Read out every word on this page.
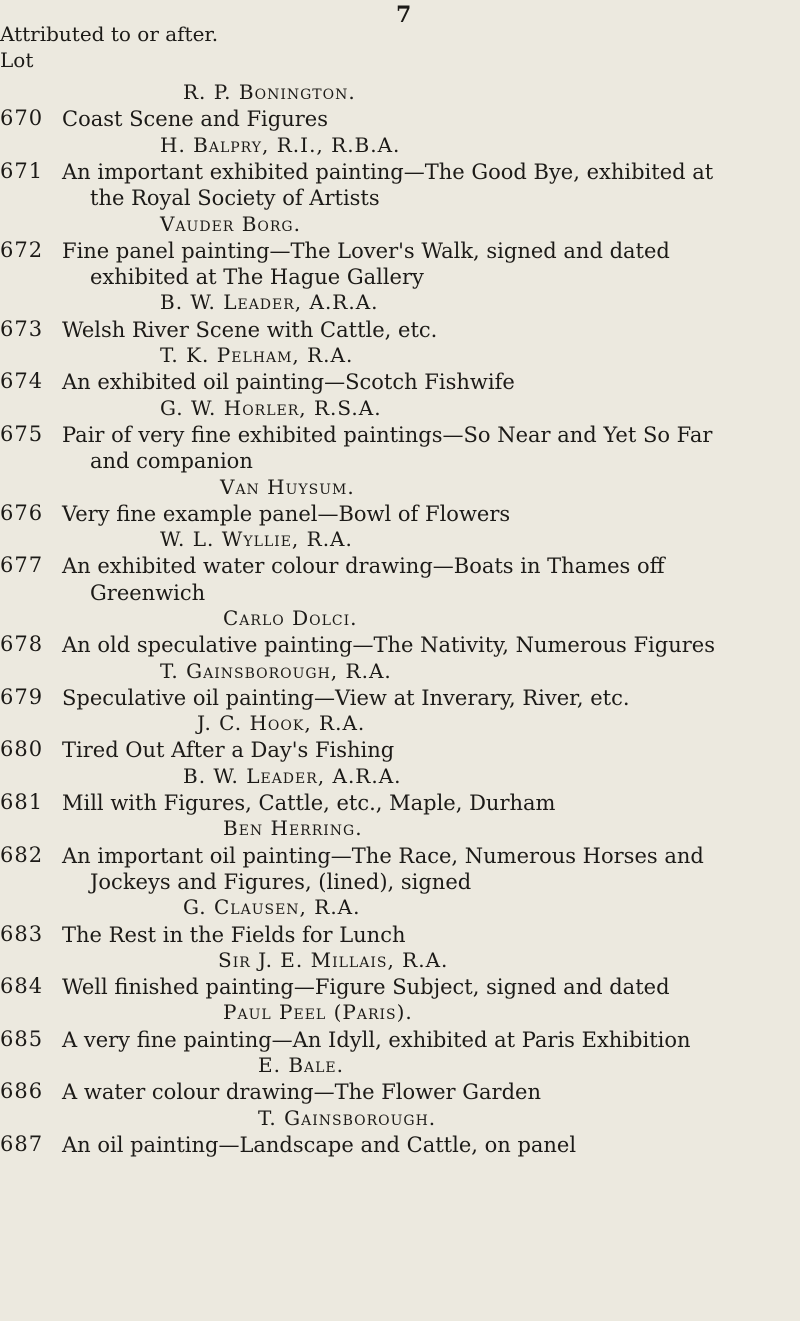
7
Attributed to or after.
Lot
R. P. Bonington.
670 Coast Scene and Figures
H. Balpry, R.I., R.B.A.
671 An important exhibited painting—The Good Bye, exhibited at
the Royal Society of Artists
Vauder Borg.
672 Fine panel painting—The Lover's Walk, signed and dated
exhibited at The Hague Gallery
B. W. Leader, A.R.A.
673 Welsh River Scene with Cattle, etc.
T. K. Pelham, R.A.
674 An exhibited oil painting—Scotch Fishwife
G. W. Horler, R.S.A.
675 Pair of very fine exhibited paintings—So Near and Yet So Far
and companion
Van Huysum.
676 Very fine example panel—Bowl of Flowers
W. L. Wyllie, R.A.
677 An exhibited water colour drawing—Boats in Thames off
Greenwich
Carlo Dolci.
678 An old speculative painting—The Nativity, Numerous Figures
T. Gainsborough, R.A.
679 Speculative oil painting—View at Inverary, River, etc.
J. C. Hook, R.A.
680 Tired Out After a Day's Fishing
B. W. Leader, A.R.A.
681 Mill with Figures, Cattle, etc., Maple, Durham
Ben Herring.
682 An important oil painting—The Race, Numerous Horses and
Jockeys and Figures, (lined), signed
G. Clausen, R.A.
683 The Rest in the Fields for Lunch
Sir J. E. Millais, R.A.
684 Well finished painting—Figure Subject, signed and dated
Paul Peel (Paris).
685 A very fine painting—An Idyll, exhibited at Paris Exhibition
E. Bale.
686 A water colour drawing—The Flower Garden
T. Gainsborough.
687 An oil painting—Landscape and Cattle, on panel
